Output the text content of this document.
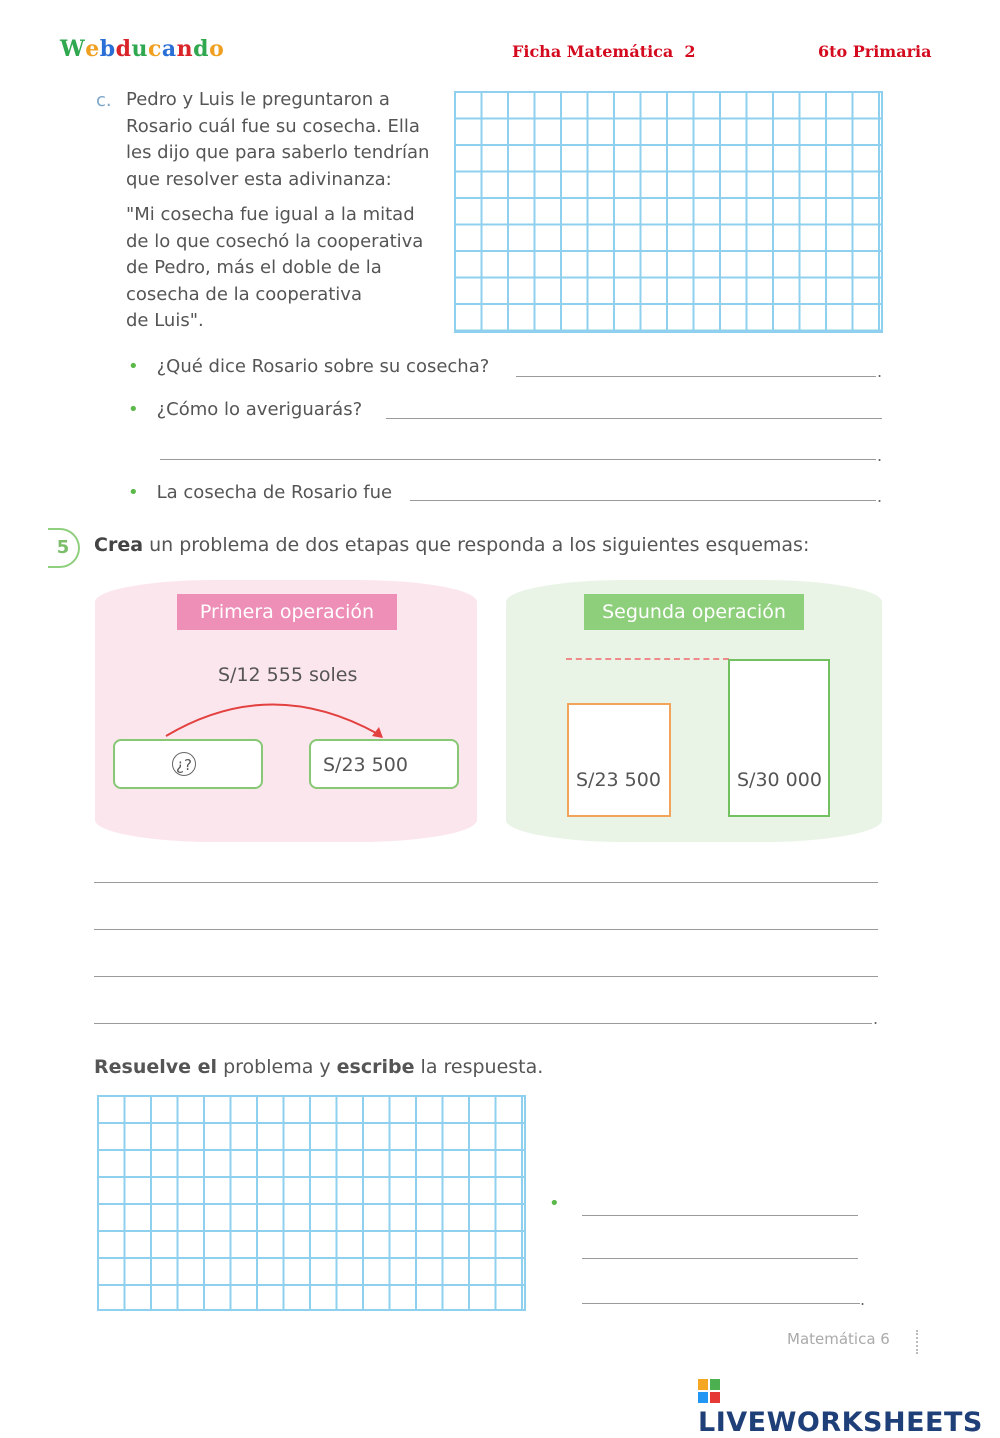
Webducando	Ficha Matemática  2	6to Primaria
c. Pedro y Luis le preguntaron a
Rosario cuál fue su cosecha. Ella
les dijo que para saberlo tendrían
que resolver esta adivinanza:
"Mi cosecha fue igual a la mitad
de lo que cosechó la cooperativa
de Pedro, más el doble de la
cosecha de la cooperativa
de Luis".
• ¿Qué dice Rosario sobre su cosecha?	.
• ¿Cómo lo averiguarás?
.
• La cosecha de Rosario fue	.
5	Crea un problema de dos etapas que responda a los siguientes esquemas:
Primera operación
S/12 555 soles
¿?	S/23 500
Segunda operación
S/23 500	S/30 000
.
Resuelve el problema y escribe la respuesta.
•
.
Matemática 6
LIVEWORKSHEETS
